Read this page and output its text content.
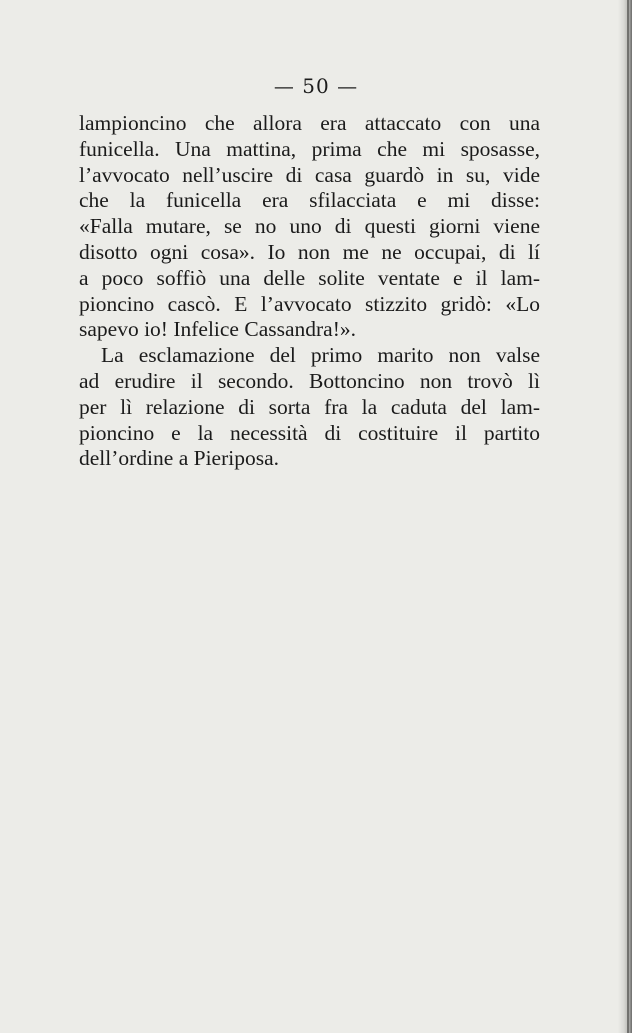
— 50 —
lampioncino che allora era attaccato con una
funicella. Una mattina, prima che mi sposasse,
l’avvocato nell’uscire di casa guardò in su, vide
che la funicella era sfilacciata e mi disse:
«Falla mutare, se no uno di questi giorni viene
disotto ogni cosa». Io non me ne occupai, di lí
a poco soffiò una delle solite ventate e il lam-
pioncino cascò. E l’avvocato stizzito gridò: «Lo
sapevo io! Infelice Cassandra!».
La esclamazione del primo marito non valse
ad erudire il secondo. Bottoncino non trovò lì
per lì relazione di sorta fra la caduta del lam-
pioncino e la necessità di costituire il partito
dell’ordine a Pieriposa.
